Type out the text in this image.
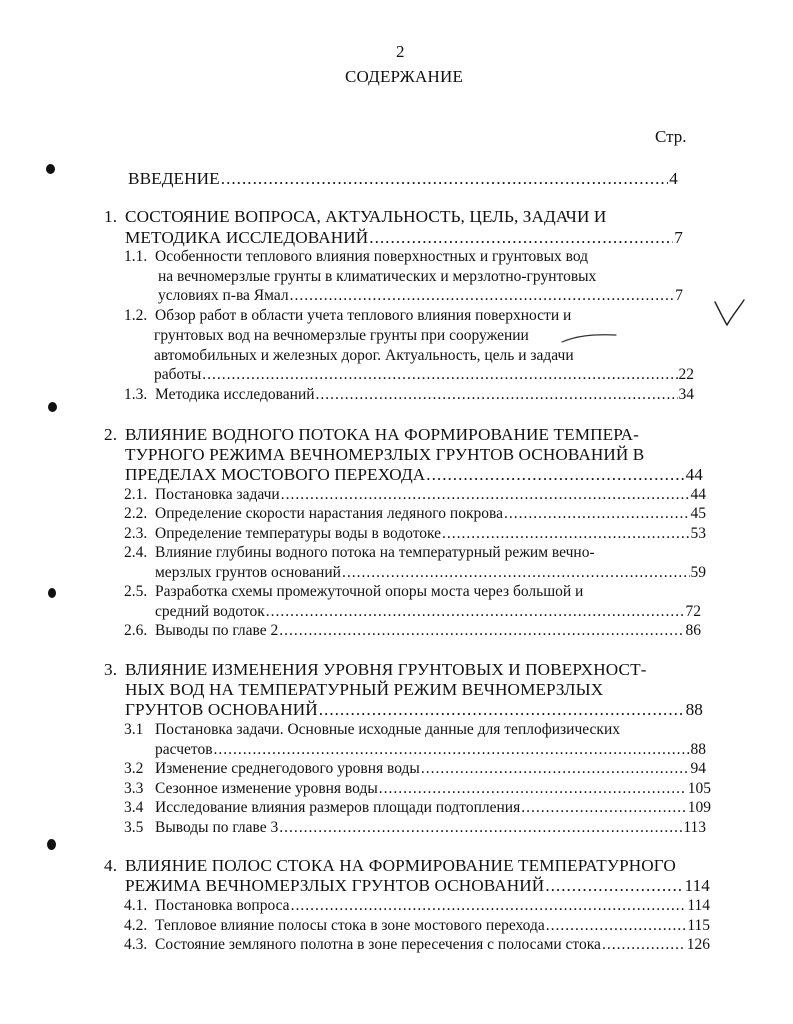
2
СОДЕРЖАНИЕ
Стр.
ВВЕДЕНИЕ .....	4
1. СОСТОЯНИЕ ВОПРОСА, АКТУАЛЬНОСТЬ, ЦЕЛЬ, ЗАДАЧИ И
МЕТОДИКА ИССЛЕДОВАНИЙ .....	7
1.1. Особенности теплового влияния поверхностных и грунтовых вод
на вечномерзлые грунты в климатических и мерзлотно-грунтовых
условиях п-ва Ямал .....	7
1.2. Обзор работ в области учета теплового влияния поверхности и
грунтовых вод на вечномерзлые грунты при сооружении
автомобильных и железных дорог. Актуальность, цель и задачи
работы .....	22
1.3. Методика исследований .....	34
2. ВЛИЯНИЕ ВОДНОГО ПОТОКА НА ФОРМИРОВАНИЕ ТЕМПЕРА-
ТУРНОГО РЕЖИМА ВЕЧНОМЕРЗЛЫХ ГРУНТОВ ОСНОВАНИЙ В
ПРЕДЕЛАХ МОСТОВОГО ПЕРЕХОДА .....	44
2.1. Постановка задачи .....	44
2.2. Определение скорости нарастания ледяного покрова .....	45
2.3. Определение температуры воды в водотоке .....	53
2.4. Влияние глубины водного потока на температурный режим вечно-
мерзлых грунтов оснований .....	59
2.5. Разработка схемы промежуточной опоры моста через большой и
средний водоток .....	72
2.6. Выводы по главе 2 .....	86
3. ВЛИЯНИЕ ИЗМЕНЕНИЯ УРОВНЯ ГРУНТОВЫХ И ПОВЕРХНОСТ-
НЫХ ВОД НА ТЕМПЕРАТУРНЫЙ РЕЖИМ ВЕЧНОМЕРЗЛЫХ
ГРУНТОВ ОСНОВАНИЙ .....	88
3.1 Постановка задачи. Основные исходные данные для теплофизических
расчетов .....	88
3.2 Изменение среднегодового уровня воды .....	94
3.3 Сезонное изменение уровня воды .....	105
3.4 Исследование влияния размеров площади подтопления .....	109
3.5 Выводы по главе 3 .....	113
4. ВЛИЯНИЕ ПОЛОС СТОКА НА ФОРМИРОВАНИЕ ТЕМПЕРАТУРНОГО
РЕЖИМА ВЕЧНОМЕРЗЛЫХ ГРУНТОВ ОСНОВАНИЙ .....	114
4.1. Постановка вопроса .....	114
4.2. Тепловое влияние полосы стока в зоне мостового перехода .....	115
4.3. Состояние земляного полотна в зоне пересечения с полосами стока .....	126
